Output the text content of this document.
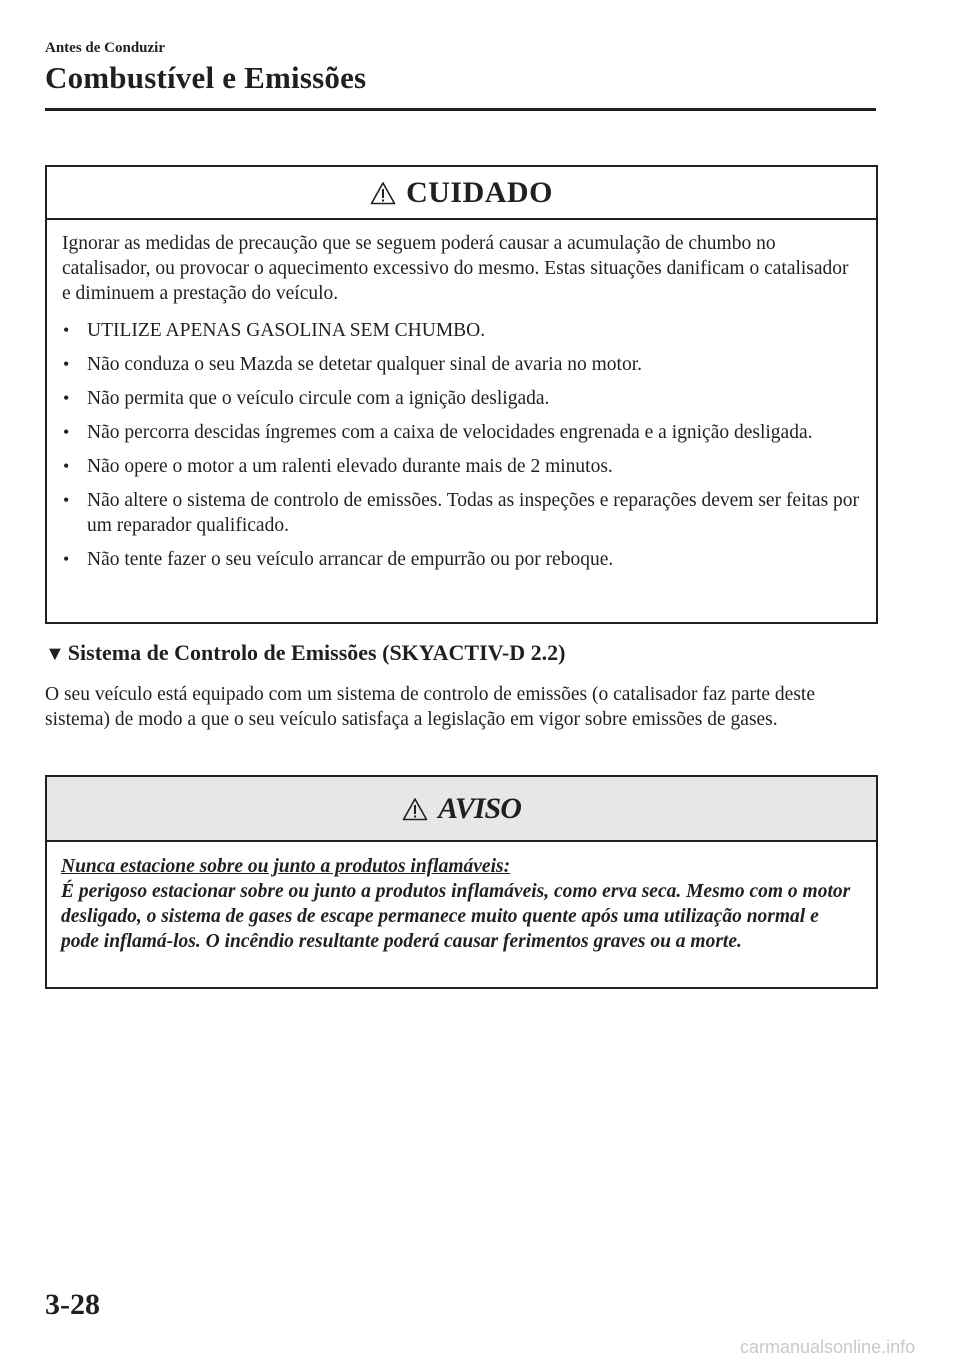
Antes de Conduzir
Combustível e Emissões
CUIDADO

Ignorar as medidas de precaução que se seguem poderá causar a acumulação de chumbo no catalisador, ou provocar o aquecimento excessivo do mesmo. Estas situações danificam o catalisador e diminuem a prestação do veículo.

• UTILIZE APENAS GASOLINA SEM CHUMBO.
• Não conduza o seu Mazda se detetar qualquer sinal de avaria no motor.
• Não permita que o veículo circule com a ignição desligada.
• Não percorra descidas íngremes com a caixa de velocidades engrenada e a ignição desligada.
• Não opere o motor a um ralenti elevado durante mais de 2 minutos.
• Não altere o sistema de controlo de emissões. Todas as inspeções e reparações devem ser feitas por um reparador qualificado.
• Não tente fazer o seu veículo arrancar de empurrão ou por reboque.
▼ Sistema de Controlo de Emissões (SKYACTIV-D 2.2)

O seu veículo está equipado com um sistema de controlo de emissões (o catalisador faz parte deste sistema) de modo a que o seu veículo satisfaça a legislação em vigor sobre emissões de gases.

AVISO
Nunca estacione sobre ou junto a produtos inflamáveis:
É perigoso estacionar sobre ou junto a produtos inflamáveis, como erva seca. Mesmo com o motor desligado, o sistema de gases de escape permanece muito quente após uma utilização normal e pode inflamá-los. O incêndio resultante poderá causar ferimentos graves ou a morte.
3-28
carmanualsonline.info
